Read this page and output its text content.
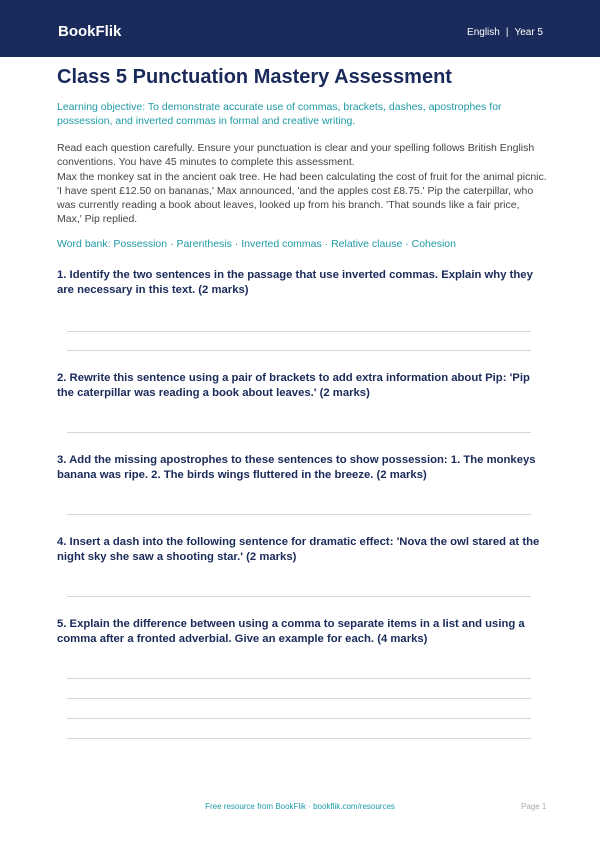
BookFlik	English | Year 5
Class 5 Punctuation Mastery Assessment
Learning objective: To demonstrate accurate use of commas, brackets, dashes, apostrophes for possession, and inverted commas in formal and creative writing.
Read each question carefully. Ensure your punctuation is clear and your spelling follows British English conventions. You have 45 minutes to complete this assessment.
Max the monkey sat in the ancient oak tree. He had been calculating the cost of fruit for the animal picnic. 'I have spent £12.50 on bananas,' Max announced, 'and the apples cost £8.75.' Pip the caterpillar, who was currently reading a book about leaves, looked up from his branch. 'That sounds like a fair price, Max,' Pip replied.
Word bank: Possession · Parenthesis · Inverted commas · Relative clause · Cohesion
1. Identify the two sentences in the passage that use inverted commas. Explain why they are necessary in this text. (2 marks)
2. Rewrite this sentence using a pair of brackets to add extra information about Pip: 'Pip the caterpillar was reading a book about leaves.' (2 marks)
3. Add the missing apostrophes to these sentences to show possession: 1. The monkeys banana was ripe. 2. The birds wings fluttered in the breeze. (2 marks)
4. Insert a dash into the following sentence for dramatic effect: 'Nova the owl stared at the night sky she saw a shooting star.' (2 marks)
5. Explain the difference between using a comma to separate items in a list and using a comma after a fronted adverbial. Give an example for each. (4 marks)
Free resource from BookFlik · bookflik.com/resources	Page 1
